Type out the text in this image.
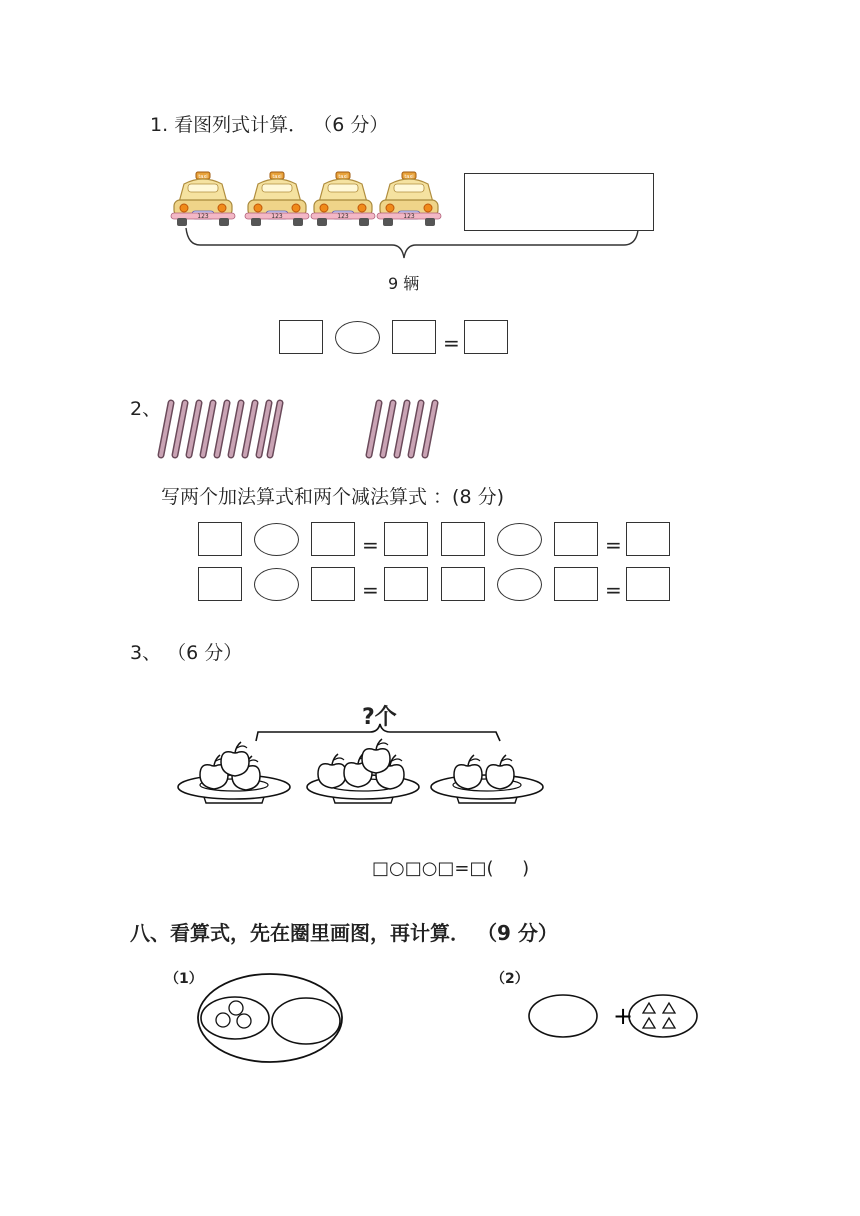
1. 看图列式计算． （6 分）
taxi
123
taxi
123
taxi
123
taxi
123
9 辆
=
2、
写两个加法算式和两个减法算式 ：(8 分)
=	=
=	=
3、 （6 分）
?个
□○□○□=□(     )
八、看算式，先在圈里画图，再计算． （9 分）
（1）	（2）
+
